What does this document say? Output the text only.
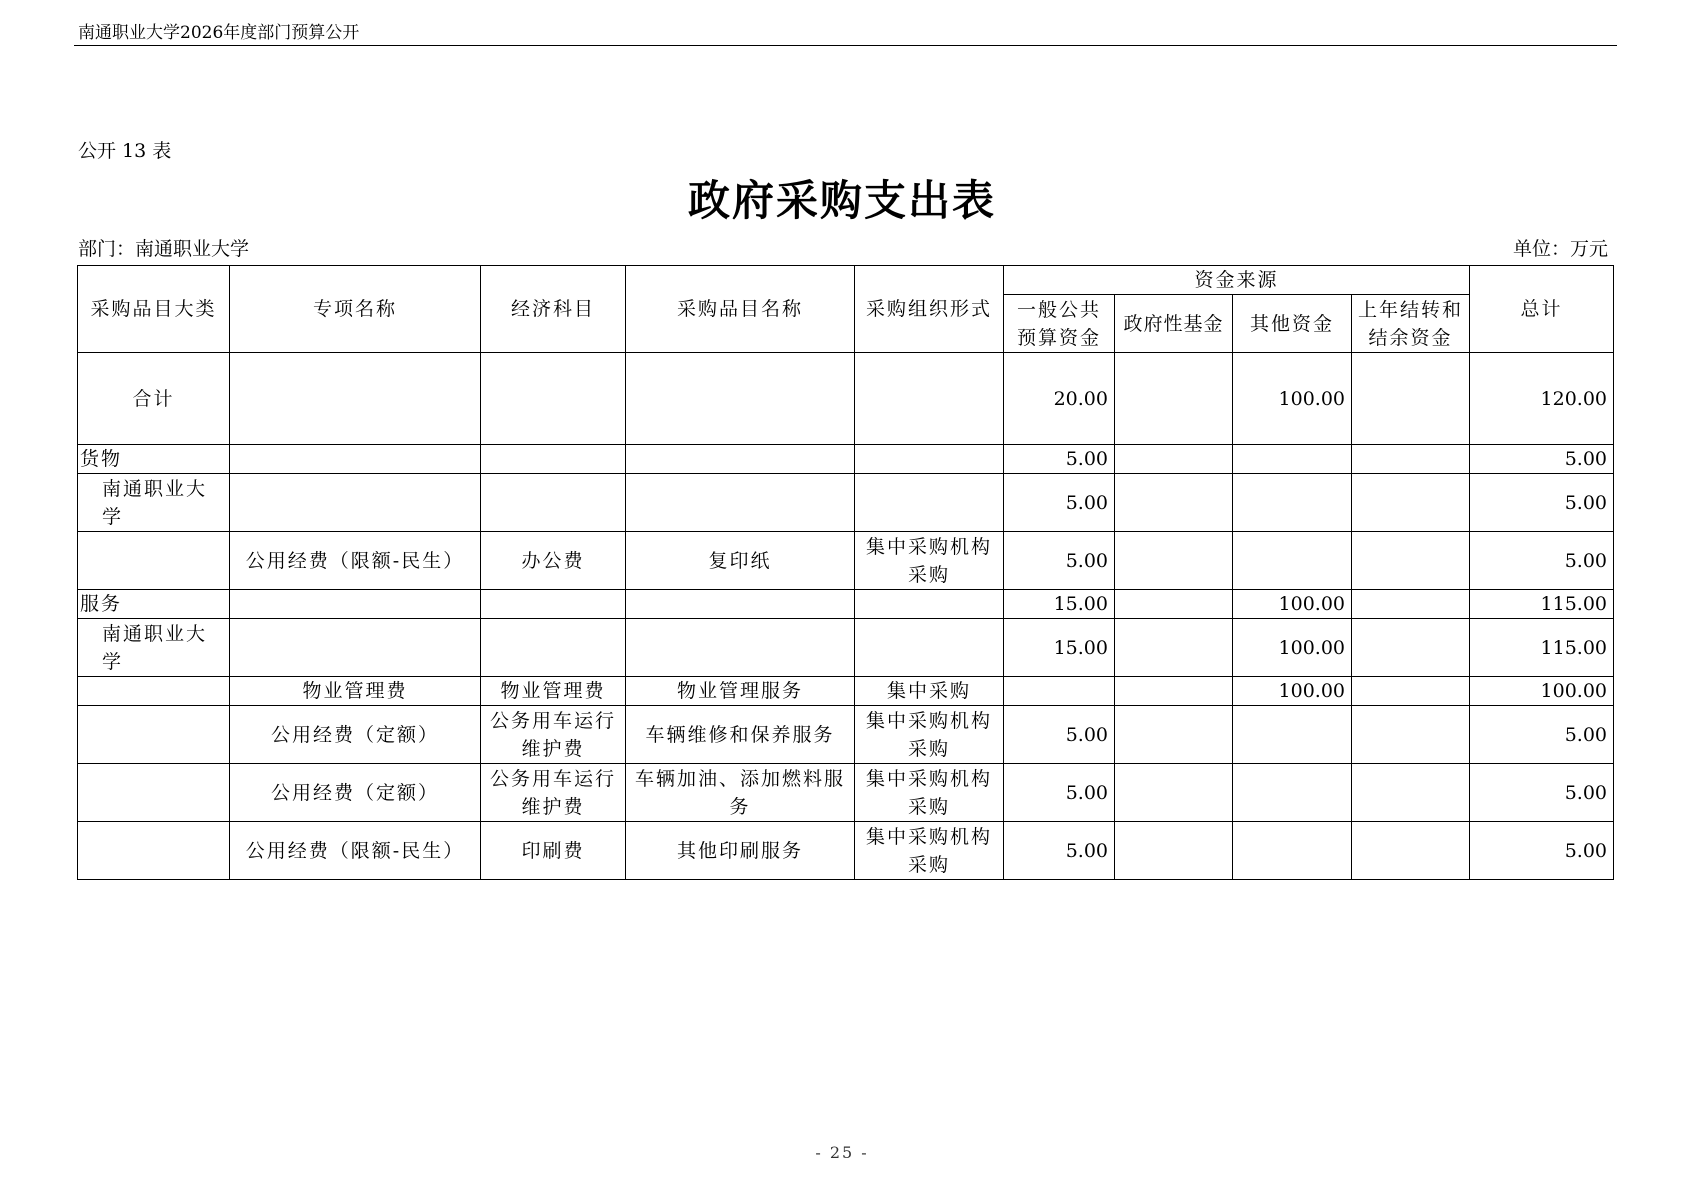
南通职业大学2026年度部门预算公开
公开 13 表
政府采购支出表
部门：南通职业大学	单位：万元
采购品目大类	专项名称	经济科目	采购品目名称	采购组织形式	资金来源				总计
					一般公共预算资金	政府性基金	其他资金	上年结转和结余资金	
合计					20.00		100.00		120.00
货物					5.00				5.00
南通职业大学					5.00				5.00
	公用经费（限额-民生）	办公费	复印纸	集中采购机构采购	5.00				5.00
服务					15.00		100.00		115.00
南通职业大学					15.00		100.00		115.00
	物业管理费	物业管理费	物业管理服务	集中采购			100.00		100.00
	公用经费（定额）	公务用车运行维护费	车辆维修和保养服务	集中采购机构采购	5.00				5.00
	公用经费（定额）	公务用车运行维护费	车辆加油、添加燃料服务	集中采购机构采购	5.00				5.00
	公用经费（限额-民生）	印刷费	其他印刷服务	集中采购机构采购	5.00				5.00
- 25 -
